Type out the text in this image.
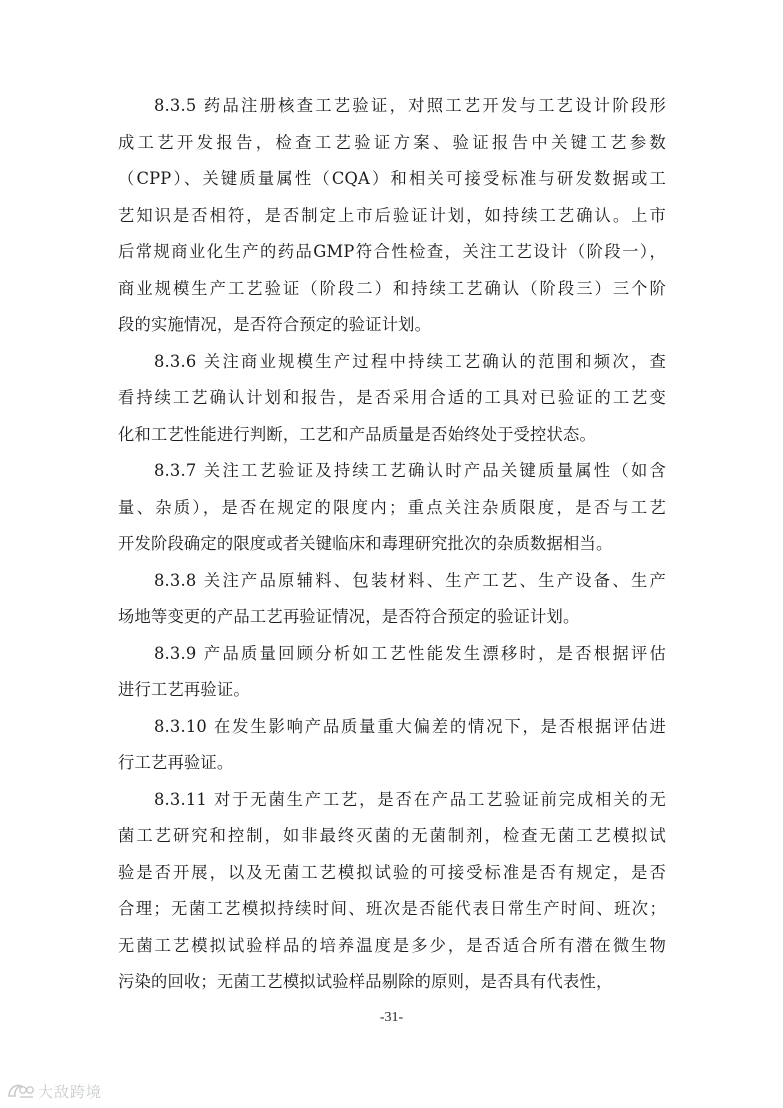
8.3.5 药品注册核查工艺验证，对照工艺开发与工艺设计阶段形
成工艺开发报告，检查工艺验证方案、验证报告中关键工艺参数
（CPP）、关键质量属性（CQA）和相关可接受标准与研发数据或工
艺知识是否相符，是否制定上市后验证计划，如持续工艺确认。上市
后常规商业化生产的药品GMP符合性检查，关注工艺设计（阶段一），
商业规模生产工艺验证（阶段二）和持续工艺确认（阶段三）三个阶
段的实施情况，是否符合预定的验证计划。
8.3.6 关注商业规模生产过程中持续工艺确认的范围和频次，查
看持续工艺确认计划和报告，是否采用合适的工具对已验证的工艺变
化和工艺性能进行判断，工艺和产品质量是否始终处于受控状态。
8.3.7 关注工艺验证及持续工艺确认时产品关键质量属性（如含
量、杂质），是否在规定的限度内；重点关注杂质限度，是否与工艺
开发阶段确定的限度或者关键临床和毒理研究批次的杂质数据相当。
8.3.8 关注产品原辅料、包装材料、生产工艺、生产设备、生产
场地等变更的产品工艺再验证情况，是否符合预定的验证计划。
8.3.9 产品质量回顾分析如工艺性能发生漂移时，是否根据评估
进行工艺再验证。
8.3.10 在发生影响产品质量重大偏差的情况下，是否根据评估进
行工艺再验证。
8.3.11 对于无菌生产工艺，是否在产品工艺验证前完成相关的无
菌工艺研究和控制，如非最终灭菌的无菌制剂，检查无菌工艺模拟试
验是否开展，以及无菌工艺模拟试验的可接受标准是否有规定，是否
合理；无菌工艺模拟持续时间、班次是否能代表日常生产时间、班次；
无菌工艺模拟试验样品的培养温度是多少，是否适合所有潜在微生物
污染的回收；无菌工艺模拟试验样品剔除的原则，是否具有代表性，
-31-
大敌跨境
